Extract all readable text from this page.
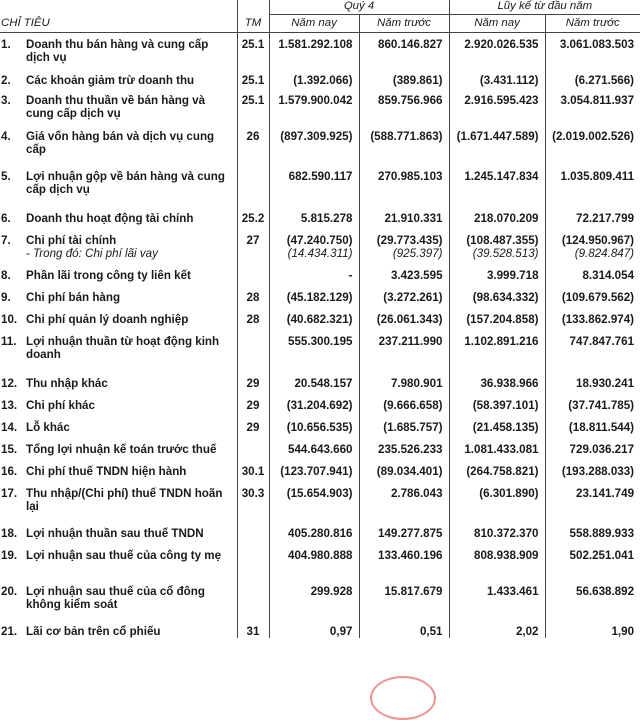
			Quý 4		Lũy kế từ đầu năm	
CHỈ TIÊU		TM	Năm nay	Năm trước	Năm nay	Năm trước
1.	Doanh thu bán hàng và cung cấp dịch vụ	25.1	1.581.292.108	860.146.827	2.920.026.535	3.061.083.503
2.	Các khoản giảm trừ doanh thu	25.1	(1.392.066)	(389.861)	(3.431.112)	(6.271.566)
3.	Doanh thu thuần về bán hàng và cung cấp dịch vụ	25.1	1.579.900.042	859.756.966	2.916.595.423	3.054.811.937
4.	Giá vốn hàng bán và dịch vụ cung cấp	26	(897.309.925)	(588.771.863)	(1.671.447.589)	(2.019.002.526)
5.	Lợi nhuận gộp về bán hàng và cung cấp dịch vụ		682.590.117	270.985.103	1.245.147.834	1.035.809.411
6.	Doanh thu hoạt động tài chính	25.2	5.815.278	21.910.331	218.070.209	72.217.799
7.	Chi phí tài chính	27	(47.240.750)	(29.773.435)	(108.487.355)	(124.950.967)
	- Trong đó: Chi phí lãi vay		(14.434.311)	(925.397)	(39.528.513)	(9.824.847)
8.	Phần lãi trong công ty liên kết		-	3.423.595	3.999.718	8.314.054
9.	Chi phí bán hàng	28	(45.182.129)	(3.272.261)	(98.634.332)	(109.679.562)
10.	Chi phí quản lý doanh nghiệp	28	(40.682.321)	(26.061.343)	(157.204.858)	(133.862.974)
11.	Lợi nhuận thuần từ hoạt động kinh doanh		555.300.195	237.211.990	1.102.891.216	747.847.761
12.	Thu nhập khác	29	20.548.157	7.980.901	36.938.966	18.930.241
13.	Chi phí khác	29	(31.204.692)	(9.666.658)	(58.397.101)	(37.741.785)
14.	Lỗ khác	29	(10.656.535)	(1.685.757)	(21.458.135)	(18.811.544)
15.	Tổng lợi nhuận kế toán trước thuế		544.643.660	235.526.233	1.081.433.081	729.036.217
16.	Chi phí thuế TNDN hiện hành	30.1	(123.707.941)	(89.034.401)	(264.758.821)	(193.288.033)
17.	Thu nhập/(Chi phí) thuế TNDN hoãn lại	30.3	(15.654.903)	2.786.043	(6.301.890)	23.141.749
18.	Lợi nhuận thuần sau thuế TNDN		405.280.816	149.277.875	810.372.370	558.889.933
19.	Lợi nhuận sau thuế của công ty mẹ		404.980.888	133.460.196	808.938.909	502.251.041
20.	Lợi nhuận sau thuế của cổ đông không kiểm soát		299.928	15.817.679	1.433.461	56.638.892
21.	Lãi cơ bản trên cổ phiếu	31	0,97	0,51	2,02	1,90
